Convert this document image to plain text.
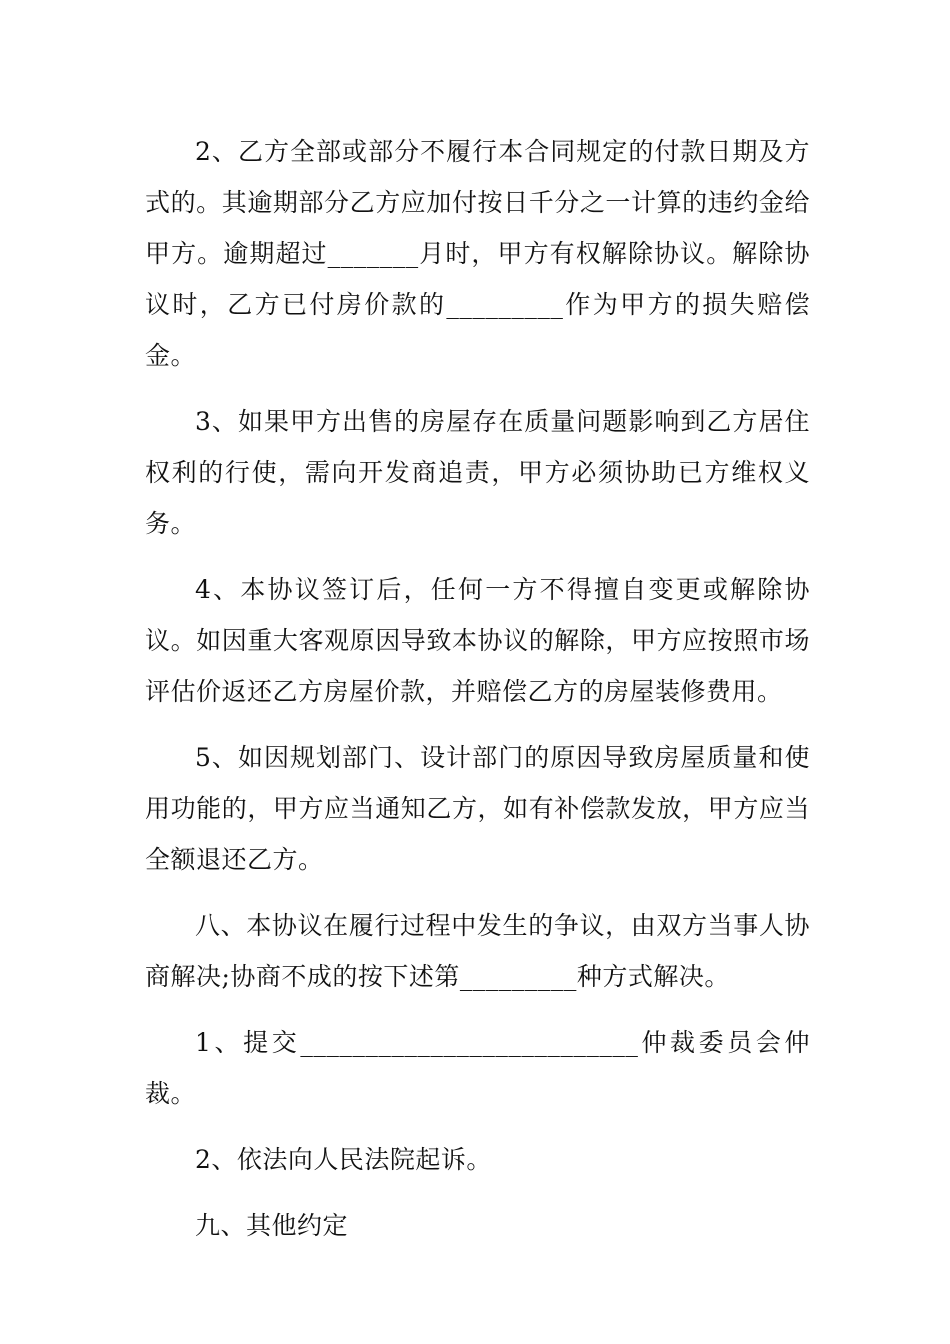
2、乙方全部或部分不履行本合同规定的付款日期及方式的。其逾期部分乙方应加付按日千分之一计算的违约金给甲方。逾期超过_______月时，甲方有权解除协议。解除协议时，乙方已付房价款的_________作为甲方的损失赔偿金。

3、如果甲方出售的房屋存在质量问题影响到乙方居住权利的行使，需向开发商追责，甲方必须协助已方维权义务。

4、本协议签订后，任何一方不得擅自变更或解除协议。如因重大客观原因导致本协议的解除，甲方应按照市场评估价返还乙方房屋价款，并赔偿乙方的房屋装修费用。

5、如因规划部门、设计部门的原因导致房屋质量和使用功能的，甲方应当通知乙方，如有补偿款发放，甲方应当全额退还乙方。

八、本协议在履行过程中发生的争议，由双方当事人协商解决;协商不成的按下述第_________种方式解决。

1、提交__________________________仲裁委员会仲裁。

2、依法向人民法院起诉。

九、其他约定
